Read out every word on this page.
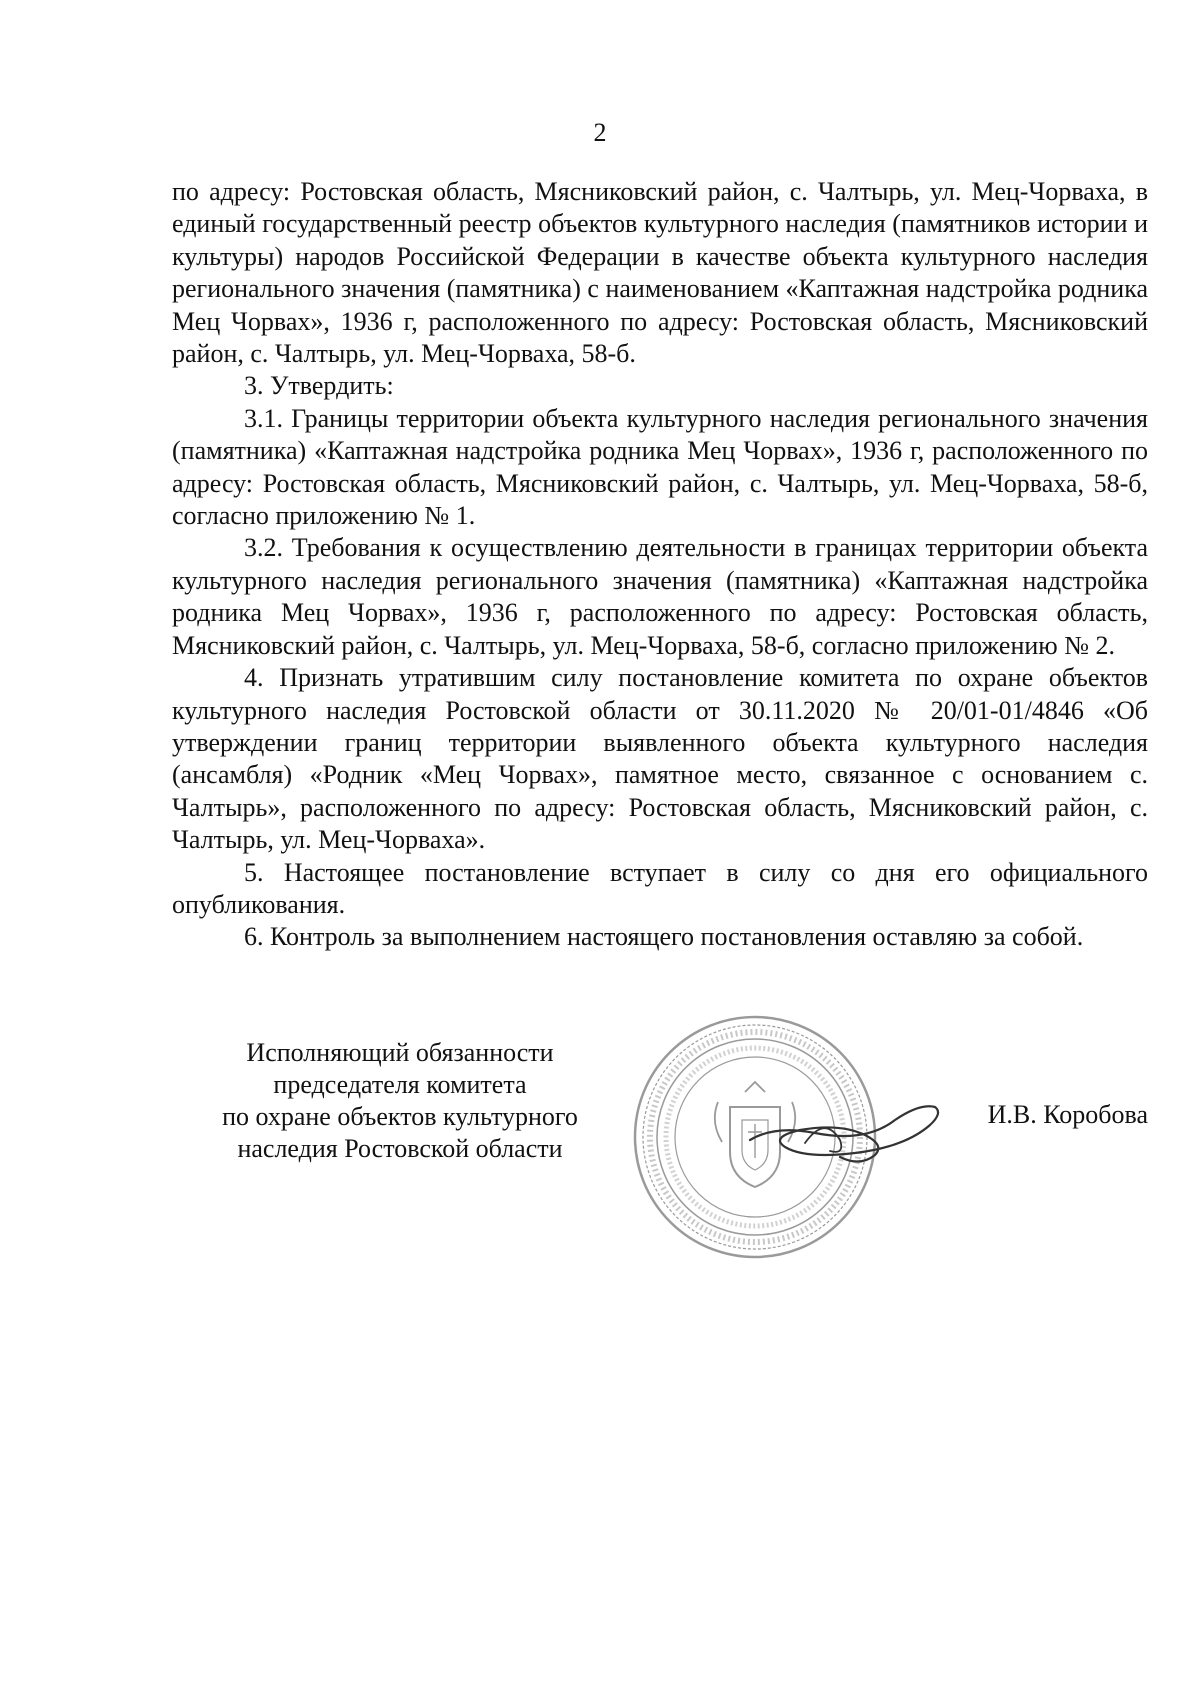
2

по адресу: Ростовская область, Мясниковский район, с. Чалтырь, ул. Мец-Чорваха, в единый государственный реестр объектов культурного наследия (памятников истории и культуры) народов Российской Федерации в качестве объекта культурного наследия регионального значения (памятника) с наименованием «Каптажная надстройка родника Мец Чорвах», 1936 г, расположенного по адресу: Ростовская область, Мясниковский район, с. Чалтырь, ул. Мец-Чорваха, 58-б.

3. Утвердить:

3.1. Границы территории объекта культурного наследия регионального значения (памятника) «Каптажная надстройка родника Мец Чорвах», 1936 г, расположенного по адресу: Ростовская область, Мясниковский район, с. Чалтырь, ул. Мец-Чорваха, 58-б, согласно приложению № 1.

3.2. Требования к осуществлению деятельности в границах территории объекта культурного наследия регионального значения (памятника) «Каптажная надстройка родника Мец Чорвах», 1936 г, расположенного по адресу: Ростовская область, Мясниковский район, с. Чалтырь, ул. Мец-Чорваха, 58-б, согласно приложению № 2.

4. Признать утратившим силу постановление комитета по охране объектов культурного наследия Ростовской области от 30.11.2020 № 20/01-01/4846 «Об утверждении границ территории выявленного объекта культурного наследия (ансамбля) «Родник «Мец Чорвах», памятное место, связанное с основанием с. Чалтырь», расположенного по адресу: Ростовская область, Мясниковский район, с. Чалтырь, ул. Мец-Чорваха».

5. Настоящее постановление вступает в силу со дня его официального опубликования.

6. Контроль за выполнением настоящего постановления оставляю за собой.

Исполняющий обязанности
председателя комитета
по охране объектов культурного
наследия Ростовской области
И.В. Коробова
